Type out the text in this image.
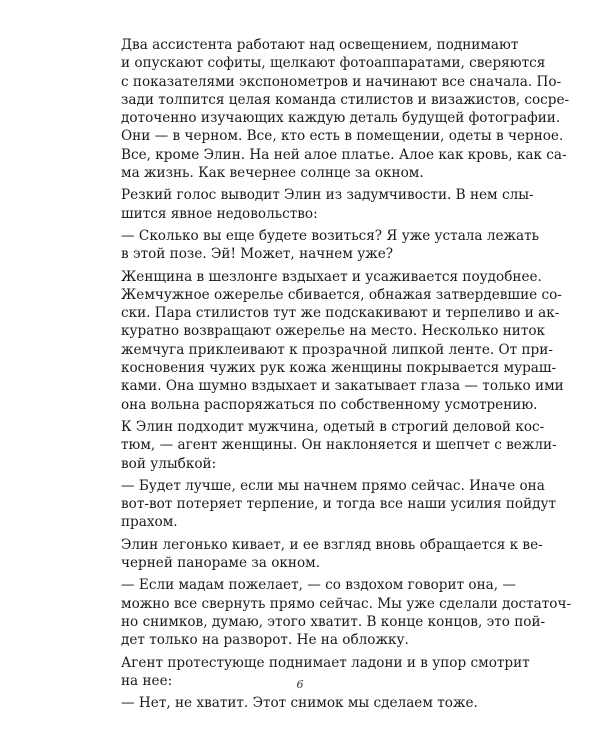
Два ассистента работают над освещением, поднимают
и опускают софиты, щелкают фотоаппаратами, сверяются
с показателями экспонометров и начинают все сначала. По-
зади толпится целая команда стилистов и визажистов, сосре-
доточенно изучающих каждую деталь будущей фотографии.
Они — в черном. Все, кто есть в помещении, одеты в черное.
Все, кроме Элин. На ней алое платье. Алое как кровь, как са-
ма жизнь. Как вечернее солнце за окном.

Резкий голос выводит Элин из задумчивости. В нем слы-
шится явное недовольство:

— Сколько вы еще будете возиться? Я уже устала лежать
в этой позе. Эй! Может, начнем уже?

Женщина в шезлонге вздыхает и усаживается поудобнее.
Жемчужное ожерелье сбивается, обнажая затвердевшие со-
ски. Пара стилистов тут же подскакивают и терпеливо и ак-
куратно возвращают ожерелье на место. Несколько ниток
жемчуга приклеивают к прозрачной липкой ленте. От при-
косновения чужих рук кожа женщины покрывается мураш-
ками. Она шумно вздыхает и закатывает глаза — только ими
она вольна распоряжаться по собственному усмотрению.

К Элин подходит мужчина, одетый в строгий деловой кос-
тюм, — агент женщины. Он наклоняется и шепчет с вежли-
вой улыбкой:

— Будет лучше, если мы начнем прямо сейчас. Иначе она
вот-вот потеряет терпение, и тогда все наши усилия пойдут
прахом.

Элин легонько кивает, и ее взгляд вновь обращается к ве-
черней панораме за окном.

— Если мадам пожелает, — со вздохом говорит она, —
можно все свернуть прямо сейчас. Мы уже сделали достаточ-
но снимков, думаю, этого хватит. В конце концов, это пой-
дет только на разворот. Не на обложку.

Агент протестующе поднимает ладони и в упор смотрит
на нее:

— Нет, не хватит. Этот снимок мы сделаем тоже.

6
